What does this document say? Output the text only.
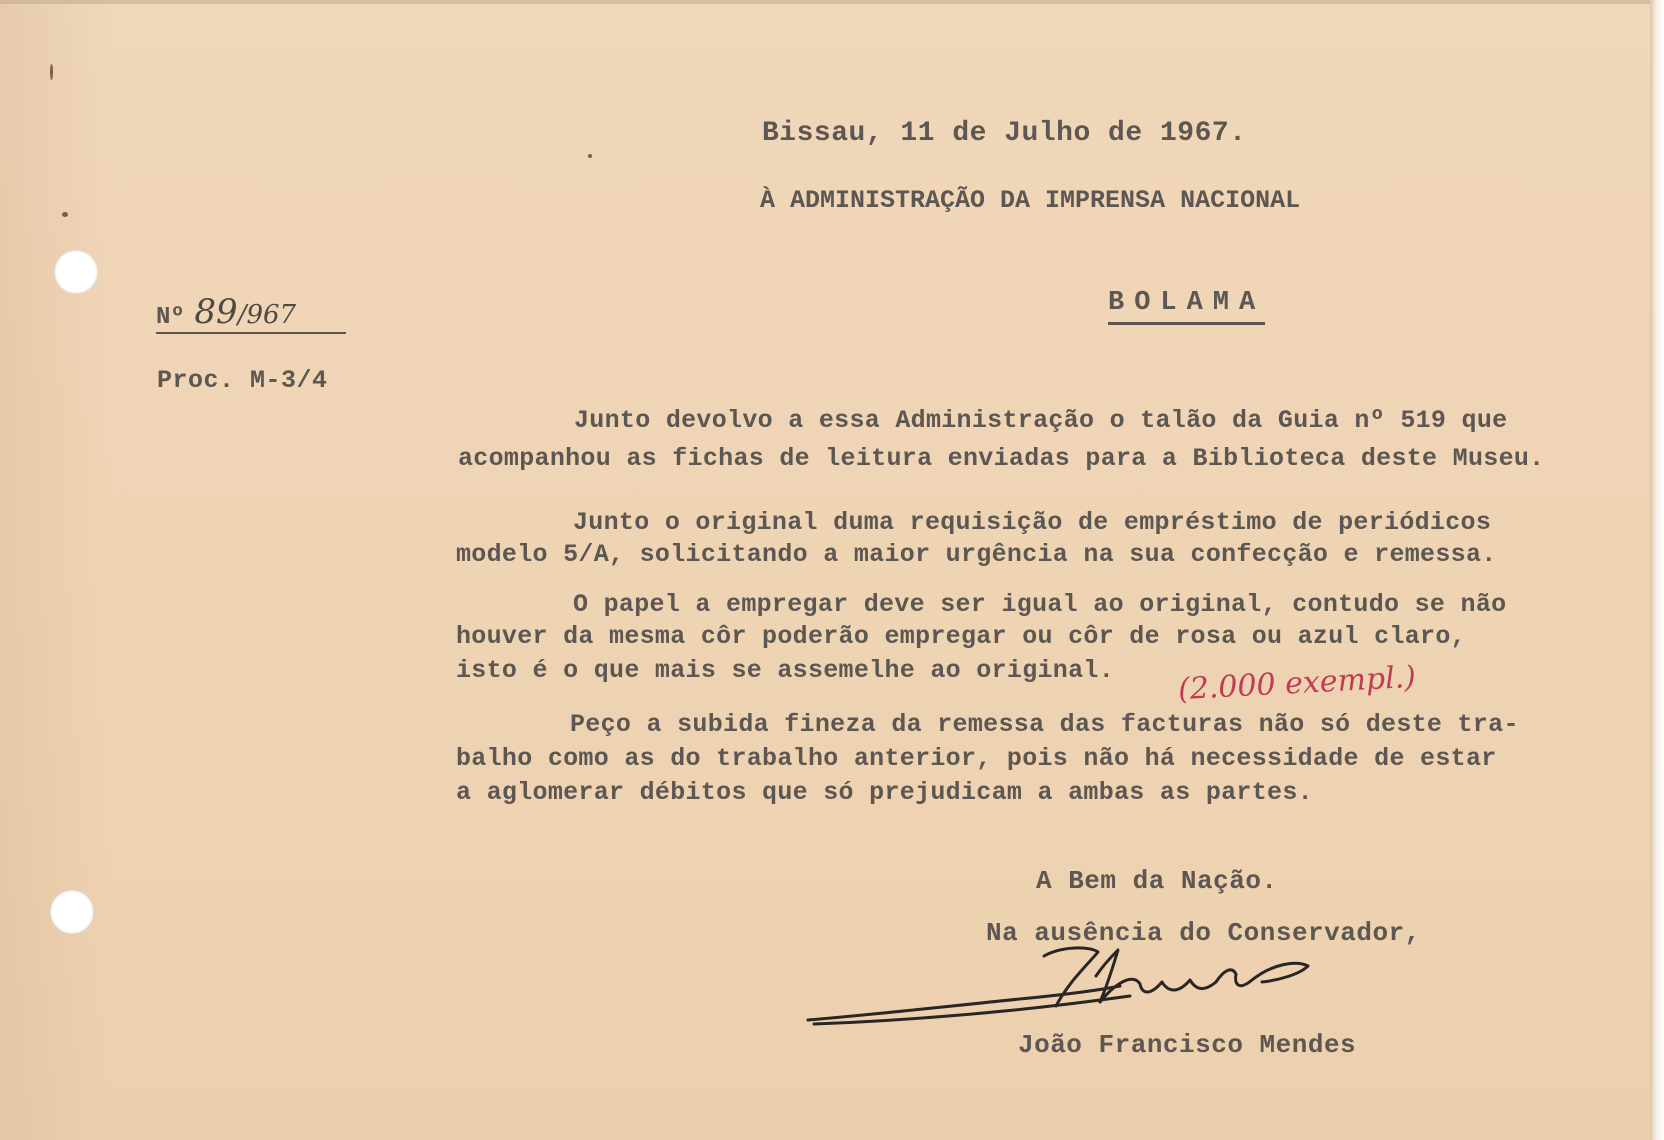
Bissau, 11 de Julho de 1967.
À ADMINISTRAÇÃO DA IMPRENSA NACIONAL
BOLAMA
Nº 89/967
Proc. M-3/4
Junto devolvo a essa Administração o talão da Guia nº 519 que
acompanhou as fichas de leitura enviadas para a Biblioteca deste Museu.
Junto o original duma requisição de empréstimo de periódicos
modelo 5/A, solicitando a maior urgência na sua confecção e remessa.
O papel a empregar deve ser igual ao original, contudo se não
houver da mesma côr poderão empregar ou côr de rosa ou azul claro,
isto é o que mais se assemelhe ao original.
Peço a subida fineza da remessa das facturas não só deste tra-
balho como as do trabalho anterior, pois não há necessidade de estar
a aglomerar débitos que só prejudicam a ambas as partes.
(2.000 exempl.)
A Bem da Nação.
Na ausência do Conservador,
João Francisco Mendes
